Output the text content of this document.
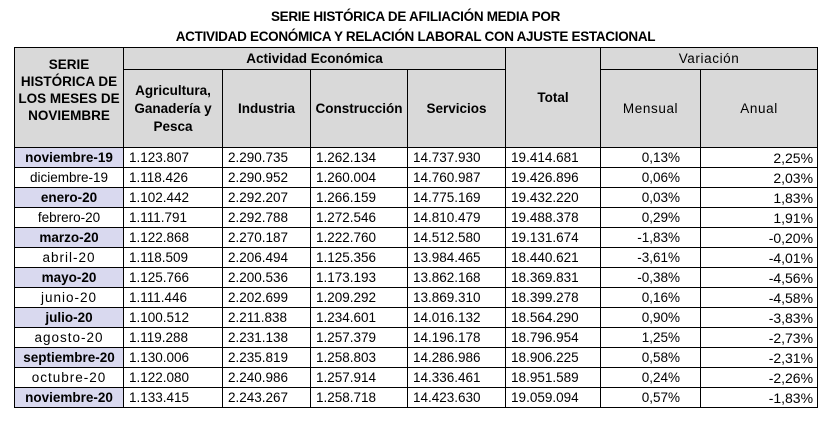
SERIE HISTÓRICA DE AFILIACIÓN MEDIA POR
ACTIVIDAD ECONÓMICA Y RELACIÓN LABORAL CON AJUSTE ESTACIONAL
SERIE HISTÓRICA DE LOS MESES DE NOVIEMBRE	Actividad Económica				Total	Variación	
	Agricultura, Ganadería y Pesca	Industria	Construcción	Servicios		Mensual	Anual
noviembre-19	1.123.807	2.290.735	1.262.134	14.737.930	19.414.681	0,13%	2,25%
diciembre-19	1.118.426	2.290.952	1.260.004	14.760.987	19.426.896	0,06%	2,03%
enero-20	1.102.442	2.292.207	1.266.159	14.775.169	19.432.220	0,03%	1,83%
febrero-20	1.111.791	2.292.788	1.272.546	14.810.479	19.488.378	0,29%	1,91%
marzo-20	1.122.868	2.270.187	1.222.760	14.512.580	19.131.674	-1,83%	-0,20%
abril-20	1.118.509	2.206.494	1.125.356	13.984.465	18.440.621	-3,61%	-4,01%
mayo-20	1.125.766	2.200.536	1.173.193	13.862.168	18.369.831	-0,38%	-4,56%
junio-20	1.111.446	2.202.699	1.209.292	13.869.310	18.399.278	0,16%	-4,58%
julio-20	1.100.512	2.211.838	1.234.601	14.016.132	18.564.290	0,90%	-3,83%
agosto-20	1.119.288	2.231.138	1.257.379	14.196.178	18.796.954	1,25%	-2,73%
septiembre-20	1.130.006	2.235.819	1.258.803	14.286.986	18.906.225	0,58%	-2,31%
octubre-20	1.122.080	2.240.986	1.257.914	14.336.461	18.951.589	0,24%	-2,26%
noviembre-20	1.133.415	2.243.267	1.258.718	14.423.630	19.059.094	0,57%	-1,83%
